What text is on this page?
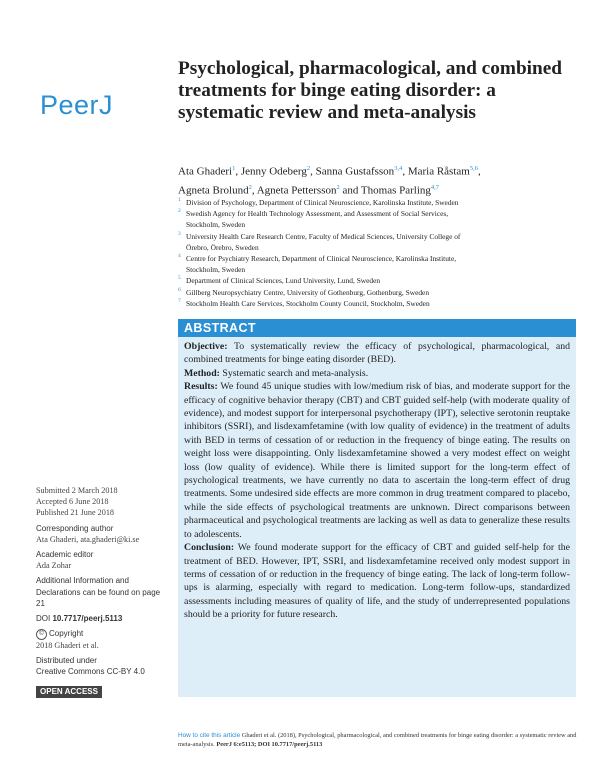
PeerJ
Psychological, pharmacological, and combined treatments for binge eating disorder: a systematic review and meta-analysis
Ata Ghaderi$^1$, Jenny Odeberg$^2$, Sanna Gustafsson$^{3,4}$, Maria Råstam$^{5,6}$,
Agneta Brolund$^2$, Agneta Pettersson$^2$ and Thomas Parling$^{4,7}$
1 Division of Psychology, Department of Clinical Neuroscience, Karolinska Institute, Sweden
2 Swedish Agency for Health Technology Assessment, and Assessment of Social Services,
Stockholm, Sweden
3 University Health Care Research Centre, Faculty of Medical Sciences, University College of
Örebro, Örebro, Sweden
4 Centre for Psychiatry Research, Department of Clinical Neuroscience, Karolinska Institute,
Stockholm, Sweden
5 Department of Clinical Sciences, Lund University, Lund, Sweden
6 Gillberg Neuropsychiatry Centre, University of Gothenburg, Gothenburg, Sweden
7 Stockholm Health Care Services, Stockholm County Council, Stockholm, Sweden
ABSTRACT

Objective: To systematically review the efficacy of psychological, pharmacological, and combined treatments for binge eating disorder (BED).

Method: Systematic search and meta-analysis.

Results: We found 45 unique studies with low/medium risk of bias, and moderate support for the efficacy of cognitive behavior therapy (CBT) and CBT guided self-help (with moderate quality of evidence), and modest support for interpersonal psychotherapy (IPT), selective serotonin reuptake inhibitors (SSRI), and lisdexamfetamine (with low quality of evidence) in the treatment of adults with BED in terms of cessation of or reduction in the frequency of binge eating. The results on weight loss were disappointing. Only lisdexamfetamine showed a very modest effect on weight loss (low quality of evidence). While there is limited support for the long-term effect of psychological treatments, we have currently no data to ascertain the long-term effect of drug treatments. Some undesired side effects are more common in drug treatment compared to placebo, while the side effects of psychological treatments are unknown. Direct comparisons between pharmaceutical and psychological treatments are lacking as well as data to generalize these results to adolescents.

Conclusion: We found moderate support for the efficacy of CBT and guided self-help for the treatment of BED. However, IPT, SSRI, and lisdexamfetamine received only modest support in terms of cessation of or reduction in the frequency of binge eating. The lack of long-term follow-ups is alarming, especially with regard to medication. Long-term follow-ups, standardized assessments including measures of quality of life, and the study of underrepresented populations should be a priority for future research.

Submitted 2 March 2018
Accepted 6 June 2018
Published 21 June 2018
Corresponding author
Ata Ghaderi, ata.ghaderi@ki.se
Academic editor
Ada Zohar
Additional Information and Declarations can be found on page 21
DOI 10.7717/peerj.5113
© Copyright
2018 Ghaderi et al.
Distributed under
Creative Commons CC-BY 4.0
OPEN ACCESS
How to cite this article Ghaderi et al. (2018), Psychological, pharmacological, and combined treatments for binge eating disorder: a systematic review and meta-analysis. PeerJ 6:e5113; DOI 10.7717/peerj.5113
